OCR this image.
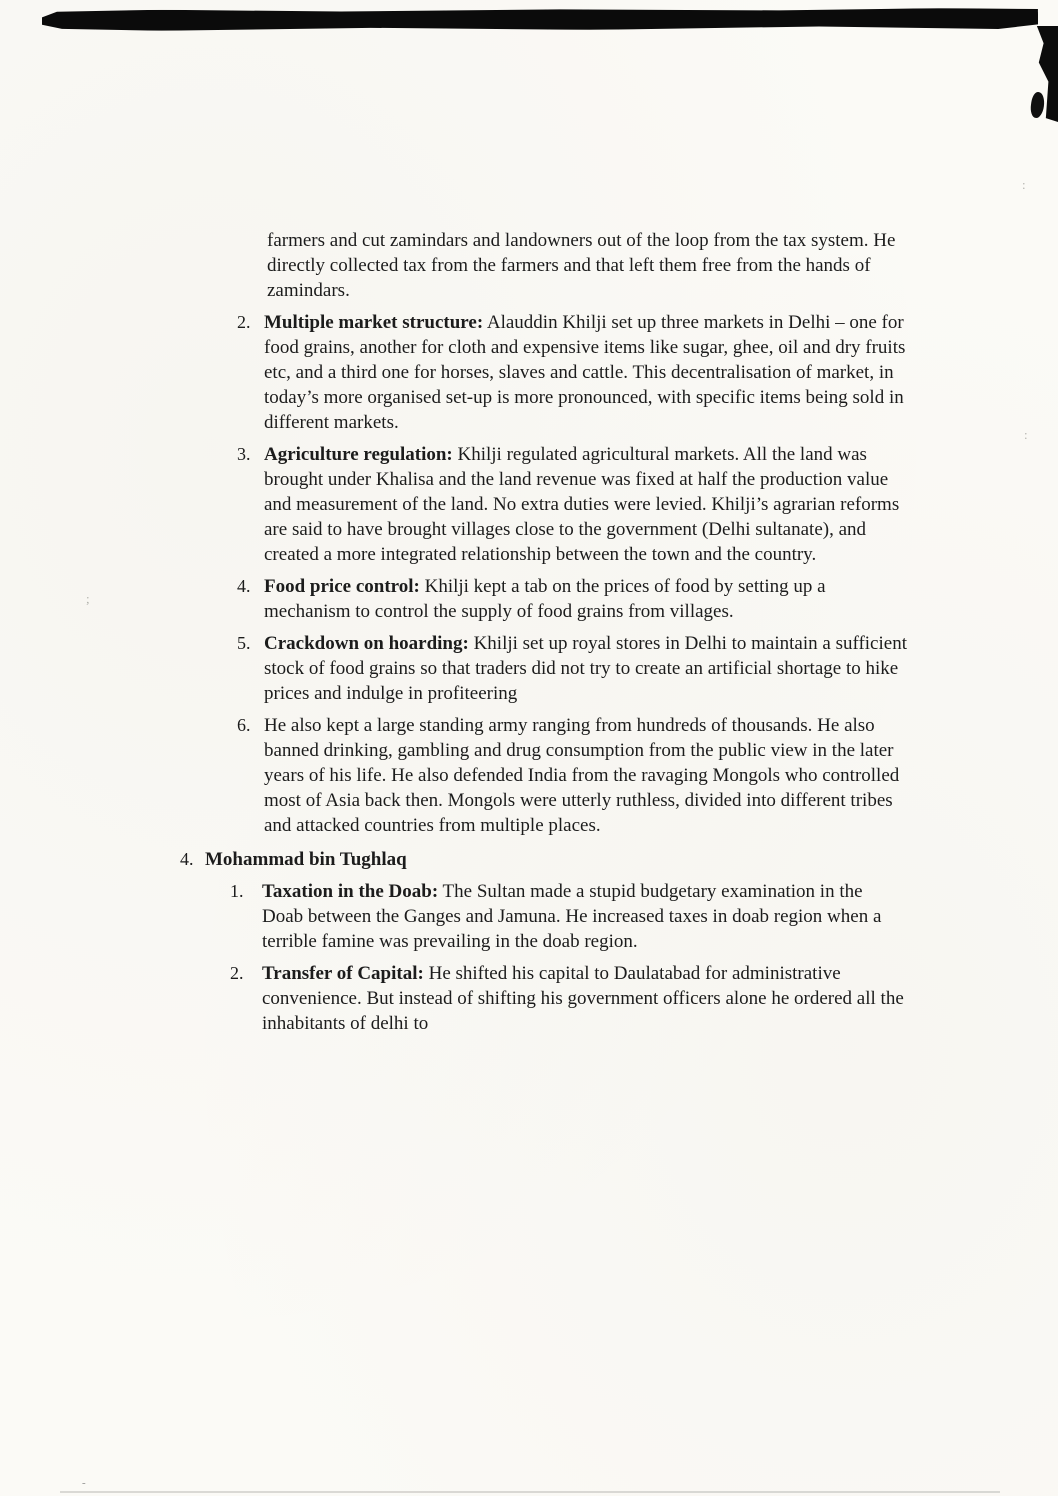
:
:
;
-

farmers and cut zamindars and landowners out of the loop from the tax system. He directly collected tax from the farmers and that left them free from the hands of zamindars.

2. Multiple market structure: Alauddin Khilji set up three markets in Delhi – one for food grains, another for cloth and expensive items like sugar, ghee, oil and dry fruits etc, and a third one for horses, slaves and cattle. This decentralisation of market, in today’s more organised set-up is more pronounced, with specific items being sold in different markets.
3. Agriculture regulation: Khilji regulated agricultural markets. All the land was brought under Khalisa and the land revenue was fixed at half the production value and measurement of the land. No extra duties were levied. Khilji’s agrarian reforms are said to have brought villages close to the government (Delhi sultanate), and created a more integrated relationship between the town and the country.
4. Food price control: Khilji kept a tab on the prices of food by setting up a mechanism to control the supply of food grains from villages.
5. Crackdown on hoarding: Khilji set up royal stores in Delhi to maintain a sufficient stock of food grains so that traders did not try to create an artificial shortage to hike prices and indulge in profiteering
6. He also kept a large standing army ranging from hundreds of thousands. He also banned drinking, gambling and drug consumption from the public view in the later years of his life. He also defended India from the ravaging Mongols who controlled most of Asia back then. Mongols were utterly ruthless, divided into different tribes and attacked countries from multiple places.
4. Mohammad bin Tughlaq
1. Taxation in the Doab: The Sultan made a stupid budgetary examination in the Doab between the Ganges and Jamuna. He increased taxes in doab region when a terrible famine was prevailing in the doab region.
2. Transfer of Capital: He shifted his capital to Daulatabad for administrative convenience. But instead of shifting his government officers alone he ordered all the inhabitants of delhi to
